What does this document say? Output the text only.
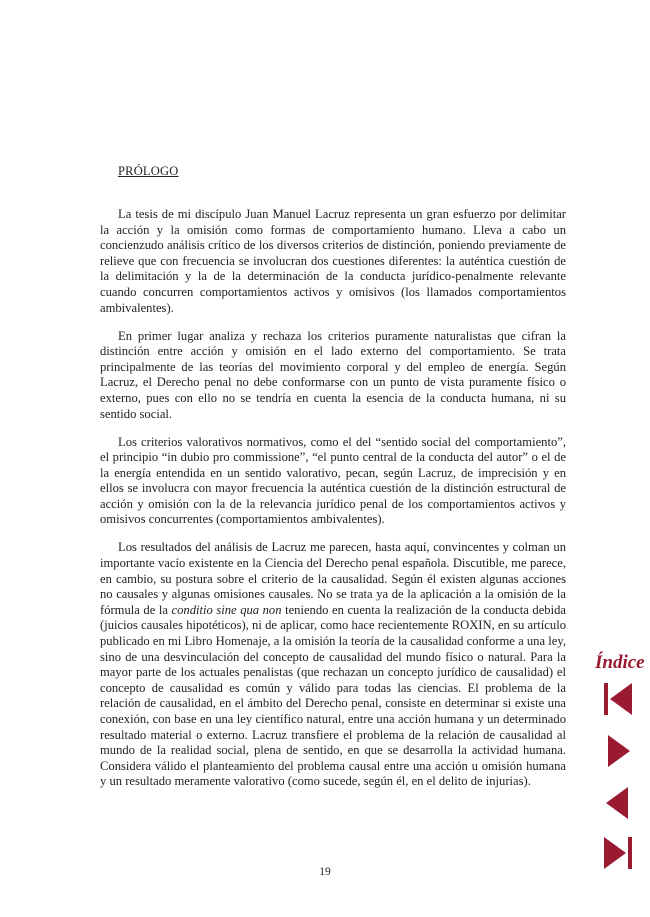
PRÓLOGO

La tesis de mi discípulo Juan Manuel Lacruz representa un gran esfuerzo por delimitar la acción y la omisión como formas de comportamiento humano. Lleva a cabo un concienzudo análisis crítico de los diversos criterios de distinción, poniendo previamente de relieve que con frecuencia se involucran dos cuestiones diferentes: la auténtica cuestión de la delimitación y la de la determinación de la conducta jurídico-penalmente relevante cuando concurren comportamientos activos y omisivos (los llamados comportamientos ambivalentes).

En primer lugar analiza y rechaza los criterios puramente naturalistas que cifran la distinción entre acción y omisión en el lado externo del comportamiento. Se trata principalmente de las teorías del movimiento corporal y del empleo de energía. Según Lacruz, el Derecho penal no debe conformarse con un punto de vista puramente físico o externo, pues con ello no se tendría en cuenta la esencia de la conducta humana, ni su sentido social.

Los criterios valorativos normativos, como el del “sentido social del comportamiento”, el principio “in dubio pro commissione”, “el punto central de la conducta del autor” o el de la energía entendida en un sentido valorativo, pecan, según Lacruz, de imprecisión y en ellos se involucra con mayor frecuencia la auténtica cuestión de la distinción estructural de acción y omisión con la de la relevancia jurídico penal de los comportamientos activos y omisivos concurrentes (comportamientos ambivalentes).

Los resultados del análisis de Lacruz me parecen, hasta aquí, convincentes y colman un importante vacío existente en la Ciencia del Derecho penal española. Discutible, me parece, en cambio, su postura sobre el criterio de la causalidad. Según él existen algunas acciones no causales y algunas omisiones causales. No se trata ya de la aplicación a la omisión de la fórmula de la conditio sine qua non teniendo en cuenta la realización de la conducta debida (juicios causales hipotéticos), ni de aplicar, como hace recientemente ROXIN, en su artículo publicado en mi Libro Homenaje, a la omisión la teoría de la causalidad conforme a una ley, sino de una desvinculación del concepto de causalidad del mundo físico o natural. Para la mayor parte de los actuales penalistas (que rechazan un concepto jurídico de causalidad) el concepto de causalidad es común y válido para todas las ciencias. El problema de la relación de causalidad, en el ámbito del Derecho penal, consiste en determinar si existe una conexión, con base en una ley científico natural, entre una acción humana y un determinado resultado material o externo. Lacruz transfiere el problema de la relación de causalidad al mundo de la realidad social, plena de sentido, en que se desarrolla la actividad humana. Considera válido el planteamiento del problema causal entre una acción u omisión humana y un resultado meramente valorativo (como sucede, según él, en el delito de injurias).

19
Índice
